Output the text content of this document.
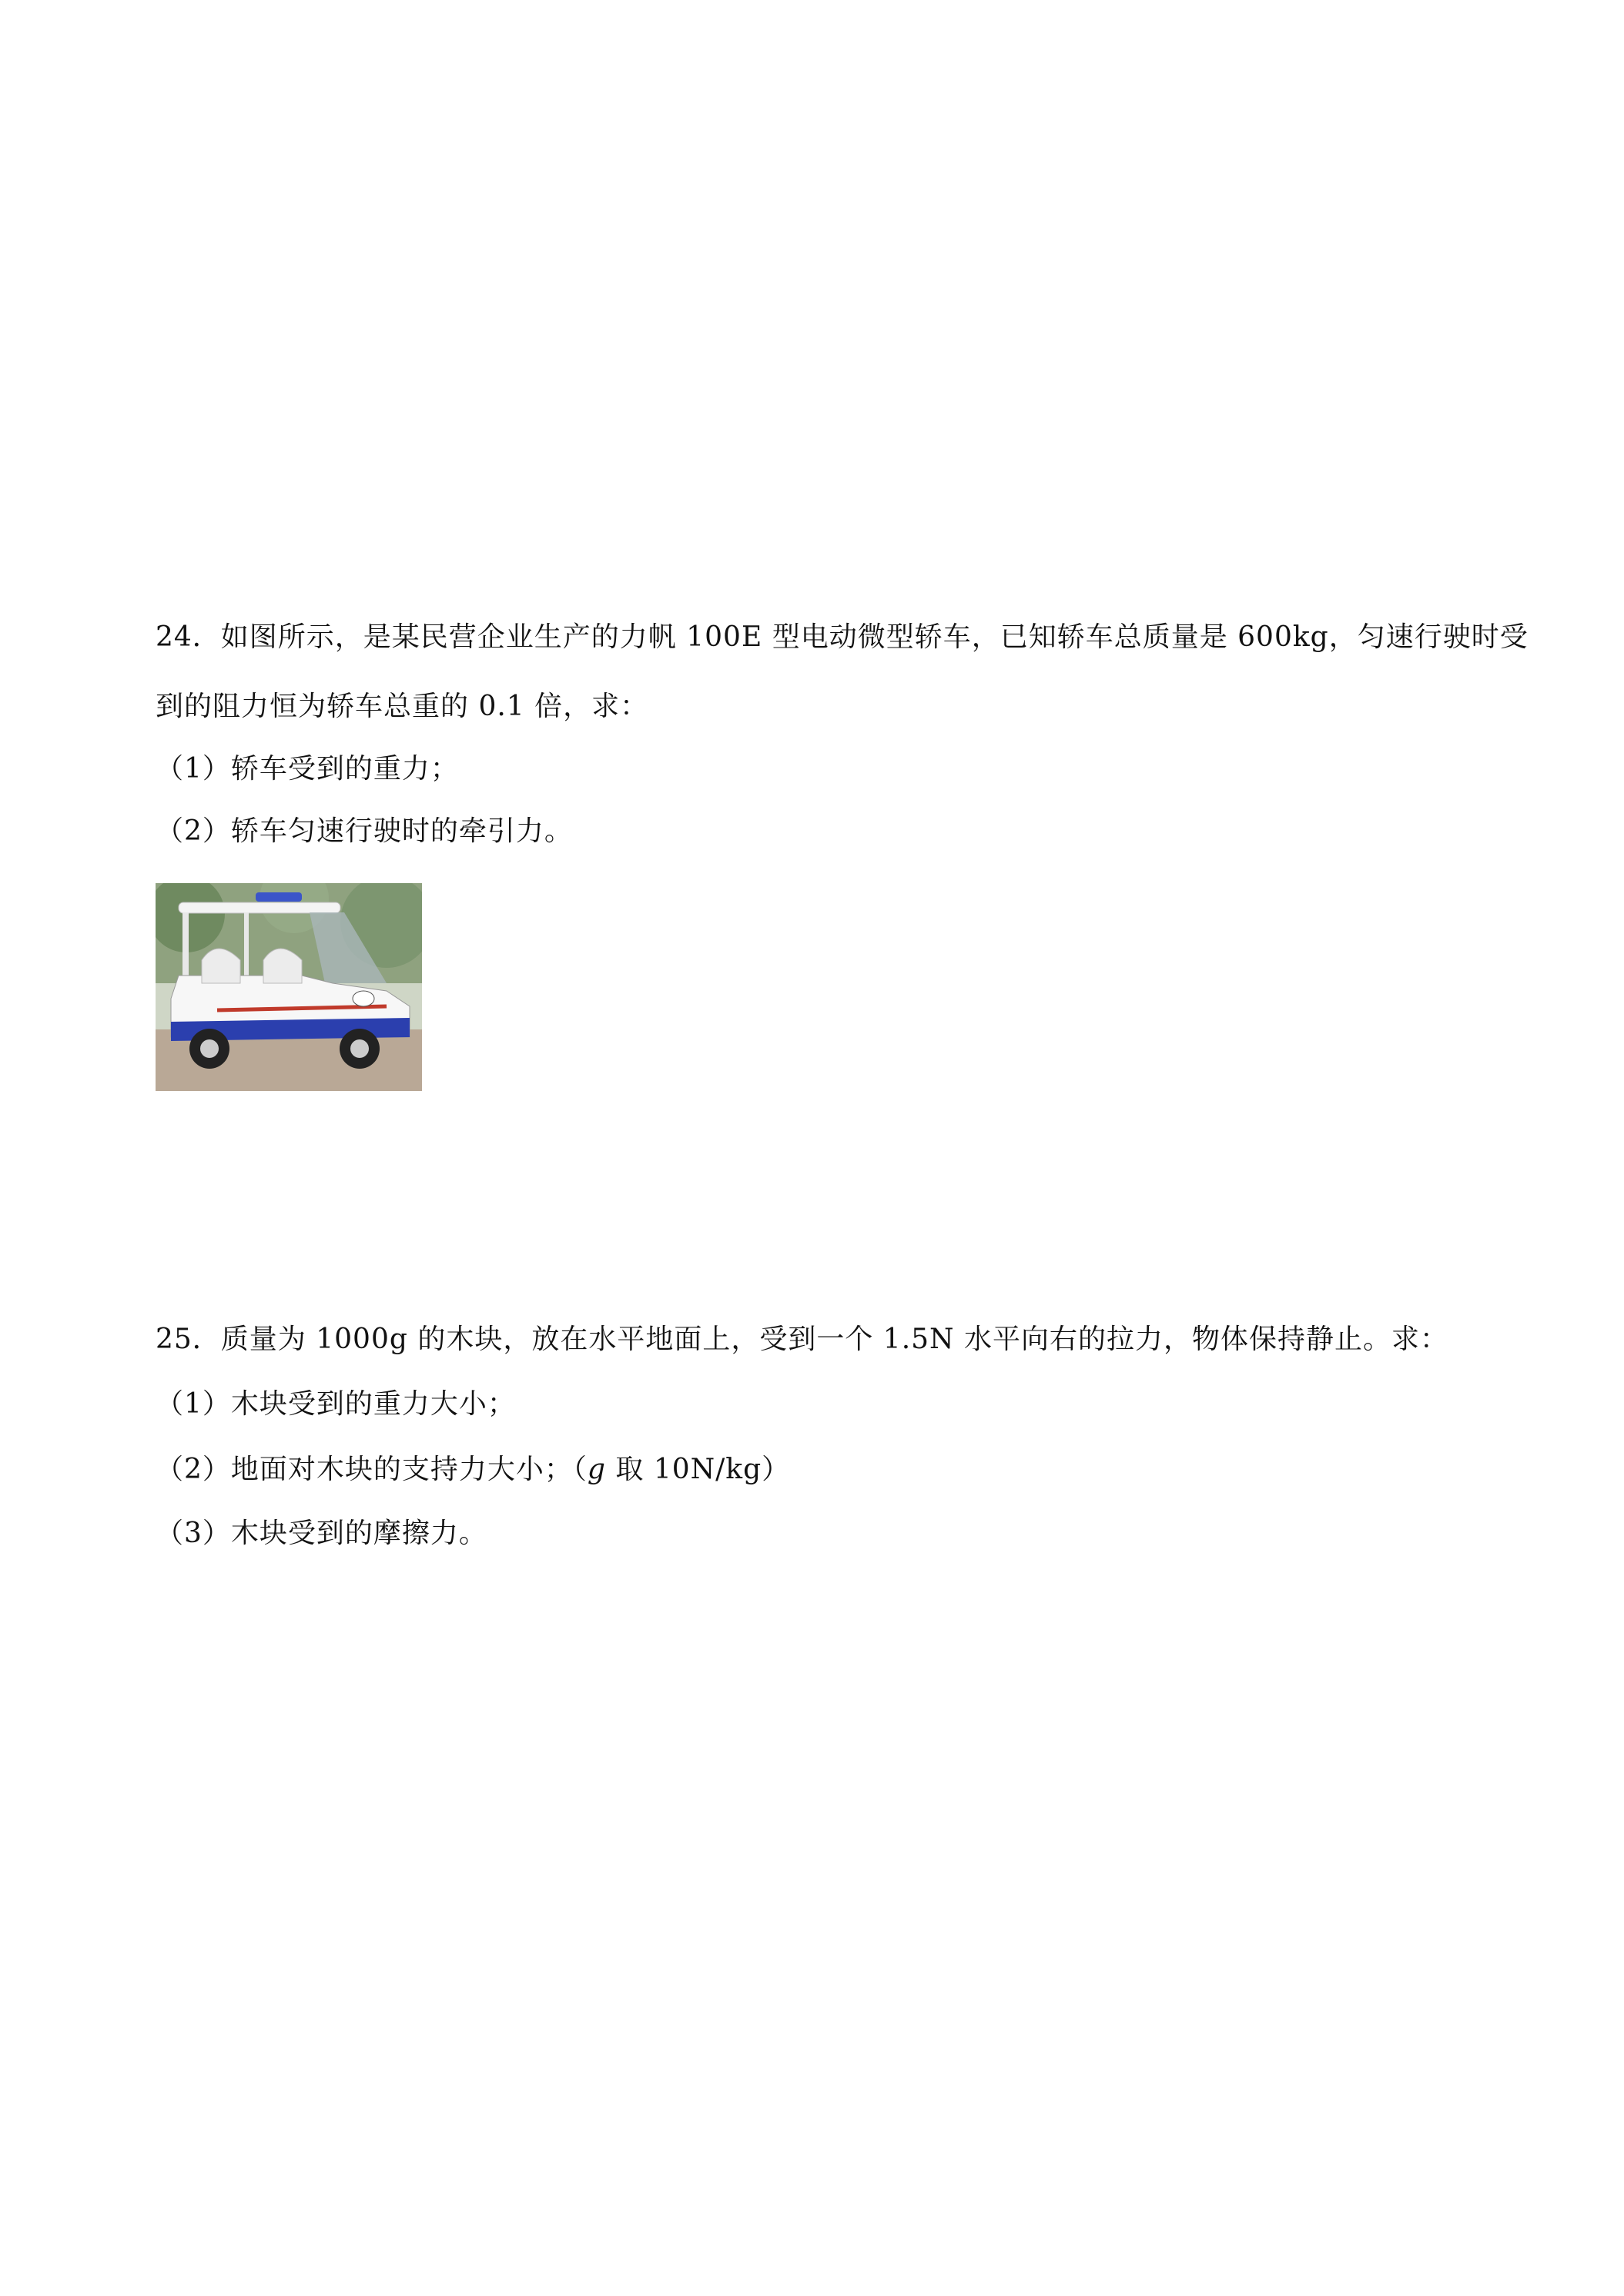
24．如图所示，是某民营企业生产的力帆 100E 型电动微型轿车，已知轿车总质量是 600kg，匀速行驶时受
到的阻力恒为轿车总重的 0.1 倍，求：
（1）轿车受到的重力；
（2）轿车匀速行驶时的牵引力。
25．质量为 1000g 的木块，放在水平地面上，受到一个 1.5N 水平向右的拉力，物体保持静止。求：
（1）木块受到的重力大小；
（2）地面对木块的支持力大小；（g 取 10N/kg）
（3）木块受到的摩擦力。
